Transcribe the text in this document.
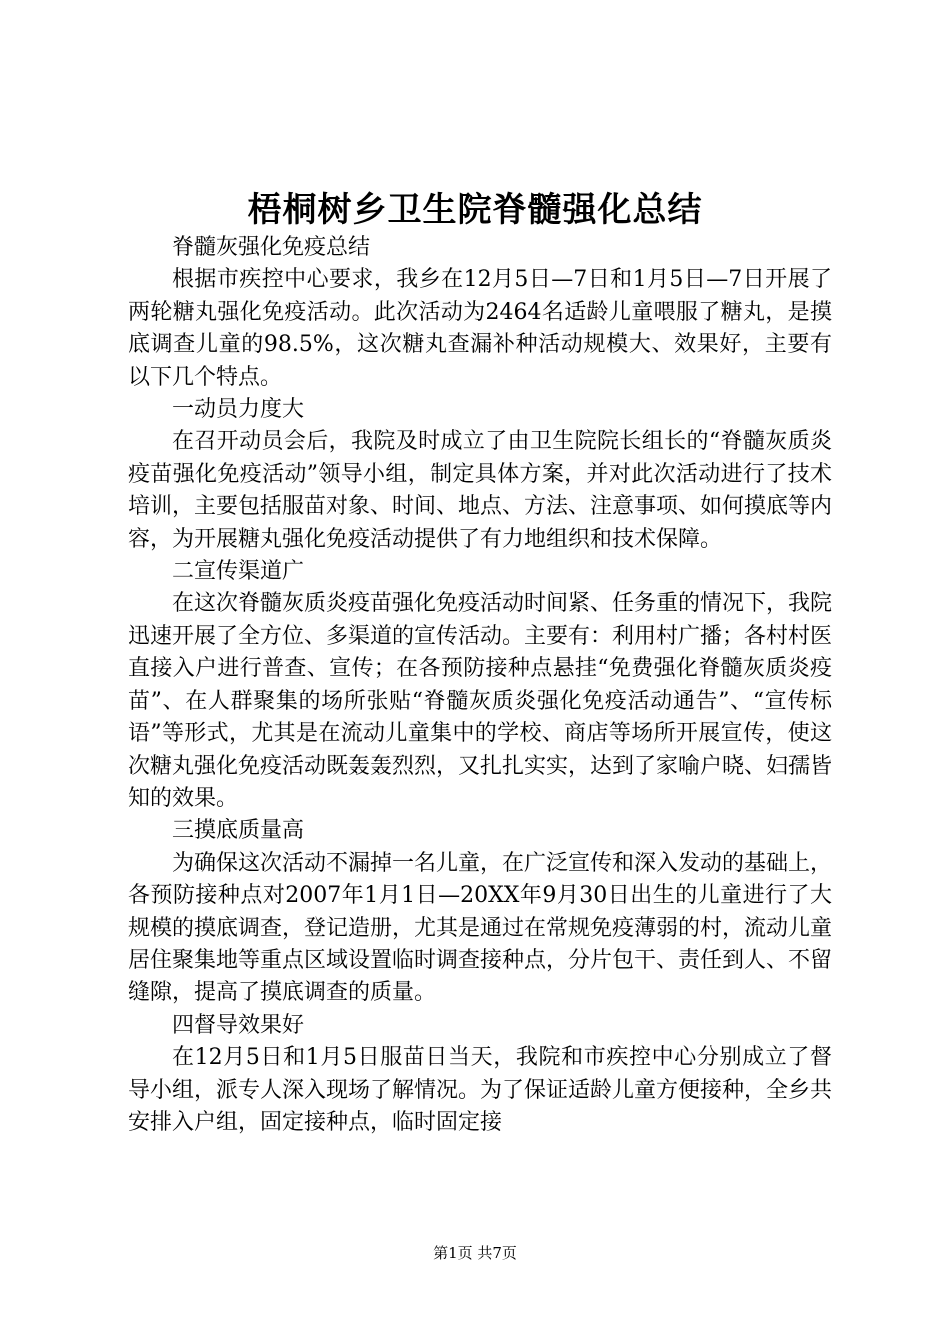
梧桐树乡卫生院脊髓强化总结

脊髓灰强化免疫总结

根据市疾控中心要求，我乡在12月5日—7日和1月5日—7日开展了两轮糖丸强化免疫活动。此次活动为2464名适龄儿童喂服了糖丸，是摸底调查儿童的98.5%，这次糖丸查漏补种活动规模大、效果好，主要有以下几个特点。

一动员力度大

在召开动员会后，我院及时成立了由卫生院院长组长的“脊髓灰质炎疫苗强化免疫活动”领导小组，制定具体方案，并对此次活动进行了技术培训，主要包括服苗对象、时间、地点、方法、注意事项、如何摸底等内容，为开展糖丸强化免疫活动提供了有力地组织和技术保障。

二宣传渠道广

在这次脊髓灰质炎疫苗强化免疫活动时间紧、任务重的情况下，我院迅速开展了全方位、多渠道的宣传活动。主要有：利用村广播；各村村医直接入户进行普查、宣传；在各预防接种点悬挂“免费强化脊髓灰质炎疫苗”、在人群聚集的场所张贴“脊髓灰质炎强化免疫活动通告”、“宣传标语”等形式，尤其是在流动儿童集中的学校、商店等场所开展宣传，使这次糖丸强化免疫活动既轰轰烈烈，又扎扎实实，达到了家喻户晓、妇孺皆知的效果。

三摸底质量高

为确保这次活动不漏掉一名儿童，在广泛宣传和深入发动的基础上，各预防接种点对2007年1月1日—20XX年9月30日出生的儿童进行了大规模的摸底调查，登记造册，尤其是通过在常规免疫薄弱的村，流动儿童居住聚集地等重点区域设置临时调查接种点，分片包干、责任到人、不留缝隙，提高了摸底调查的质量。

四督导效果好

在12月5日和1月5日服苗日当天，我院和市疾控中心分别成立了督导小组，派专人深入现场了解情况。为了保证适龄儿童方便接种，全乡共安排入户组，固定接种点，临时固定接

第1页 共7页
